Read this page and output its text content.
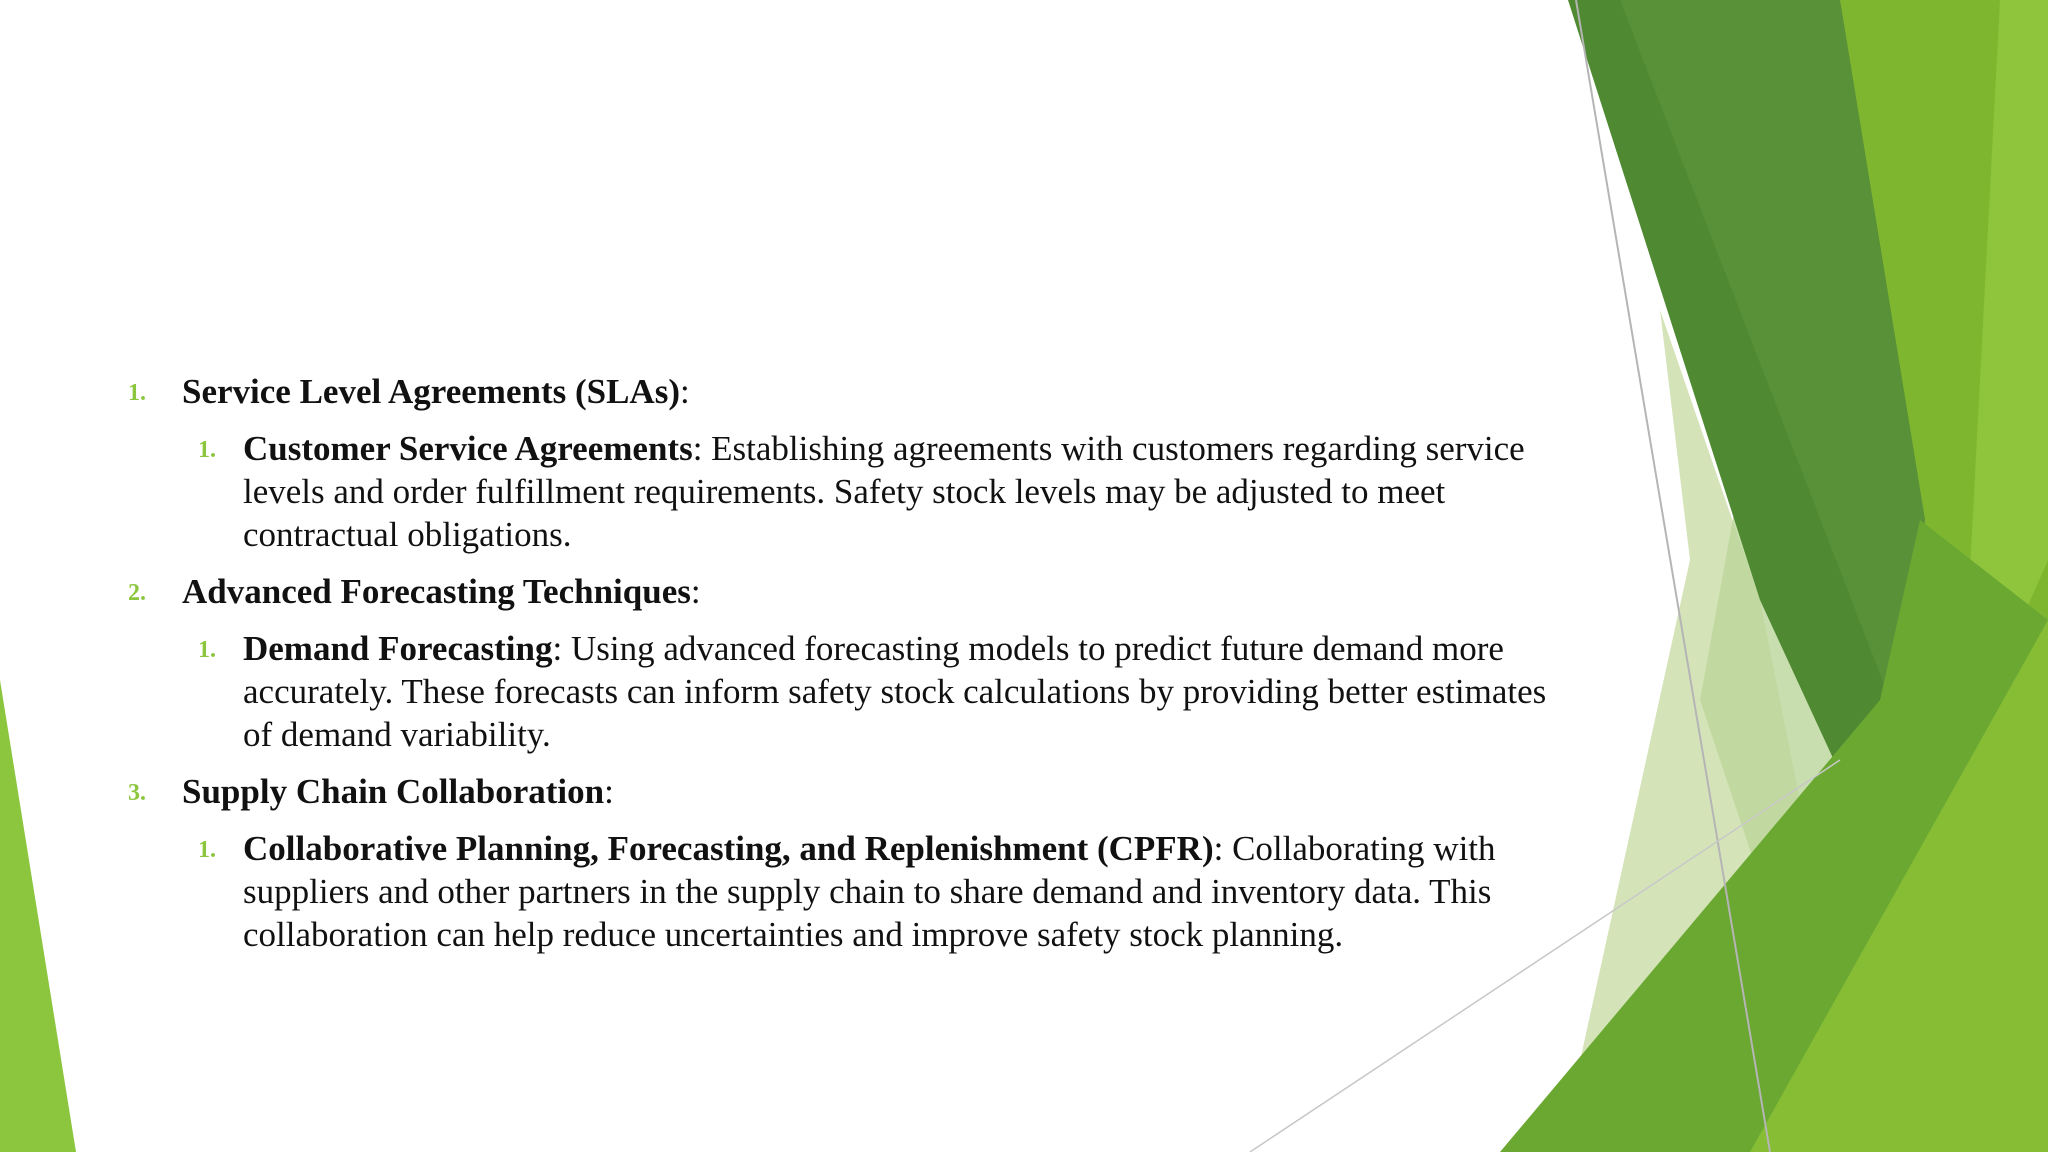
1.	Service Level Agreements (SLAs):
1. Customer Service Agreements: Establishing agreements with customers regarding service levels and order fulfillment requirements. Safety stock levels may be adjusted to meet contractual obligations.
2.	Advanced Forecasting Techniques:
1. Demand Forecasting: Using advanced forecasting models to predict future demand more accurately. These forecasts can inform safety stock calculations by providing better estimates of demand variability.
3.	Supply Chain Collaboration:
1. Collaborative Planning, Forecasting, and Replenishment (CPFR): Collaborating with suppliers and other partners in the supply chain to share demand and inventory data. This collaboration can help reduce uncertainties and improve safety stock planning.
